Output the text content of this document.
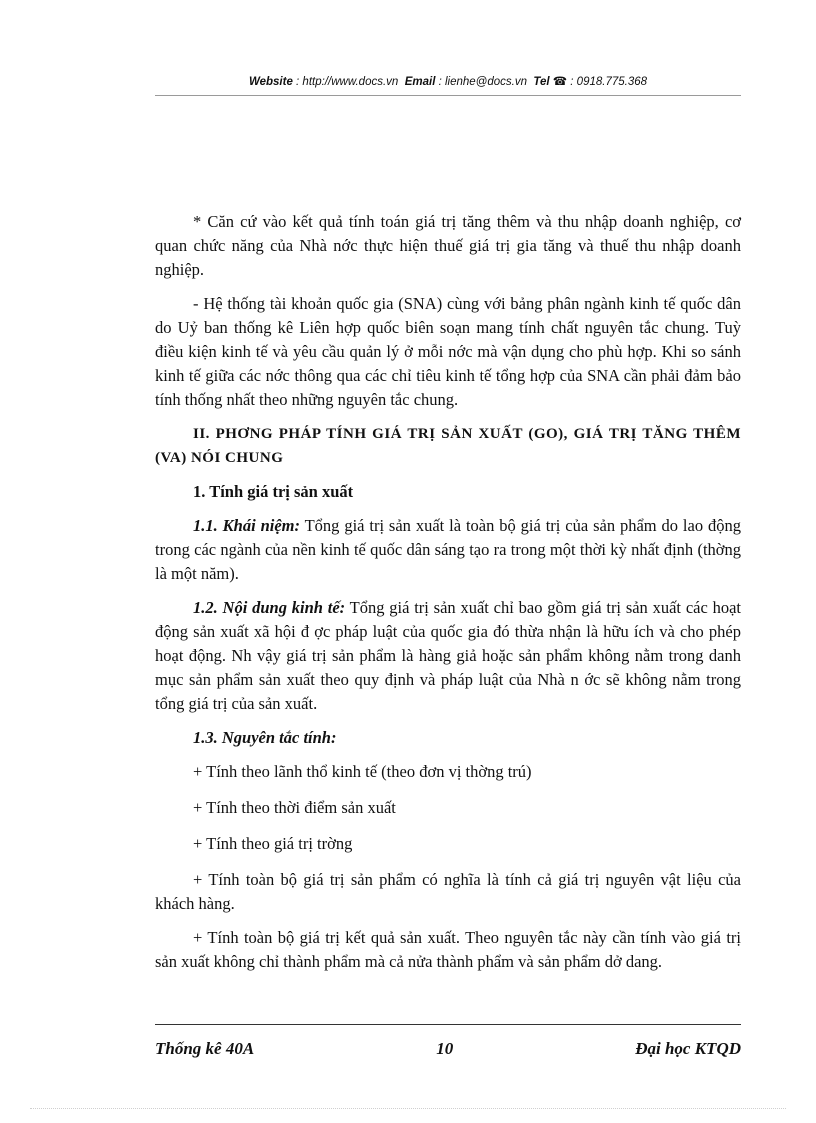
Website : http://www.docs.vn Email : lienhe@docs.vn Tel ☎ : 0918.775.368

* Căn cứ vào kết quả tính toán giá trị tăng thêm và thu nhập doanh nghiệp, cơ quan chức năng của Nhà nớc thực hiện thuế giá trị gia tăng và thuế thu nhập doanh nghiệp.

- Hệ thống tài khoản quốc gia (SNA) cùng với bảng phân ngành kinh tế quốc dân do Uỷ ban thống kê Liên hợp quốc biên soạn mang tính chất nguyên tắc chung. Tuỳ điều kiện kinh tế và yêu cầu quản lý ở mỗi nớc mà vận dụng cho phù hợp. Khi so sánh kinh tế giữa các nớc thông qua các chỉ tiêu kinh tế tổng hợp của SNA cần phải đảm bảo tính thống nhất theo những nguyên tắc chung.

II. PHƠNG PHÁP TÍNH GIÁ TRỊ SẢN XUẤT (GO), GIÁ TRỊ TĂNG THÊM (VA) NÓI CHUNG

1. Tính giá trị sản xuất

1.1. Khái niệm: Tổng giá trị sản xuất là toàn bộ giá trị của sản phẩm do lao động trong các ngành của nền kinh tế quốc dân sáng tạo ra trong một thời kỳ nhất định (thờng là một năm).

1.2. Nội dung kinh tế: Tổng giá trị sản xuất chỉ bao gồm giá trị sản xuất các hoạt động sản xuất xã hội đ ợc pháp luật của quốc gia đó thừa nhận là hữu ích và cho phép hoạt động. Nh vậy giá trị sản phẩm là hàng giả hoặc sản phẩm không nằm trong danh mục sản phẩm sản xuất theo quy định và pháp luật của Nhà n ớc sẽ không nằm trong tổng giá trị của sản xuất.

1.3. Nguyên tắc tính:

+ Tính theo lãnh thổ kinh tế (theo đơn vị thờng trú)

+ Tính theo thời điểm sản xuất

+ Tính theo giá trị trờng

+ Tính toàn bộ giá trị sản phẩm có nghĩa là tính cả giá trị nguyên vật liệu của khách hàng.

+ Tính toàn bộ giá trị kết quả sản xuất. Theo nguyên tắc này cần tính vào giá trị sản xuất không chỉ thành phẩm mà cả nửa thành phẩm và sản phẩm dở dang.

Thống kê 40A	10	Đại học KTQD
